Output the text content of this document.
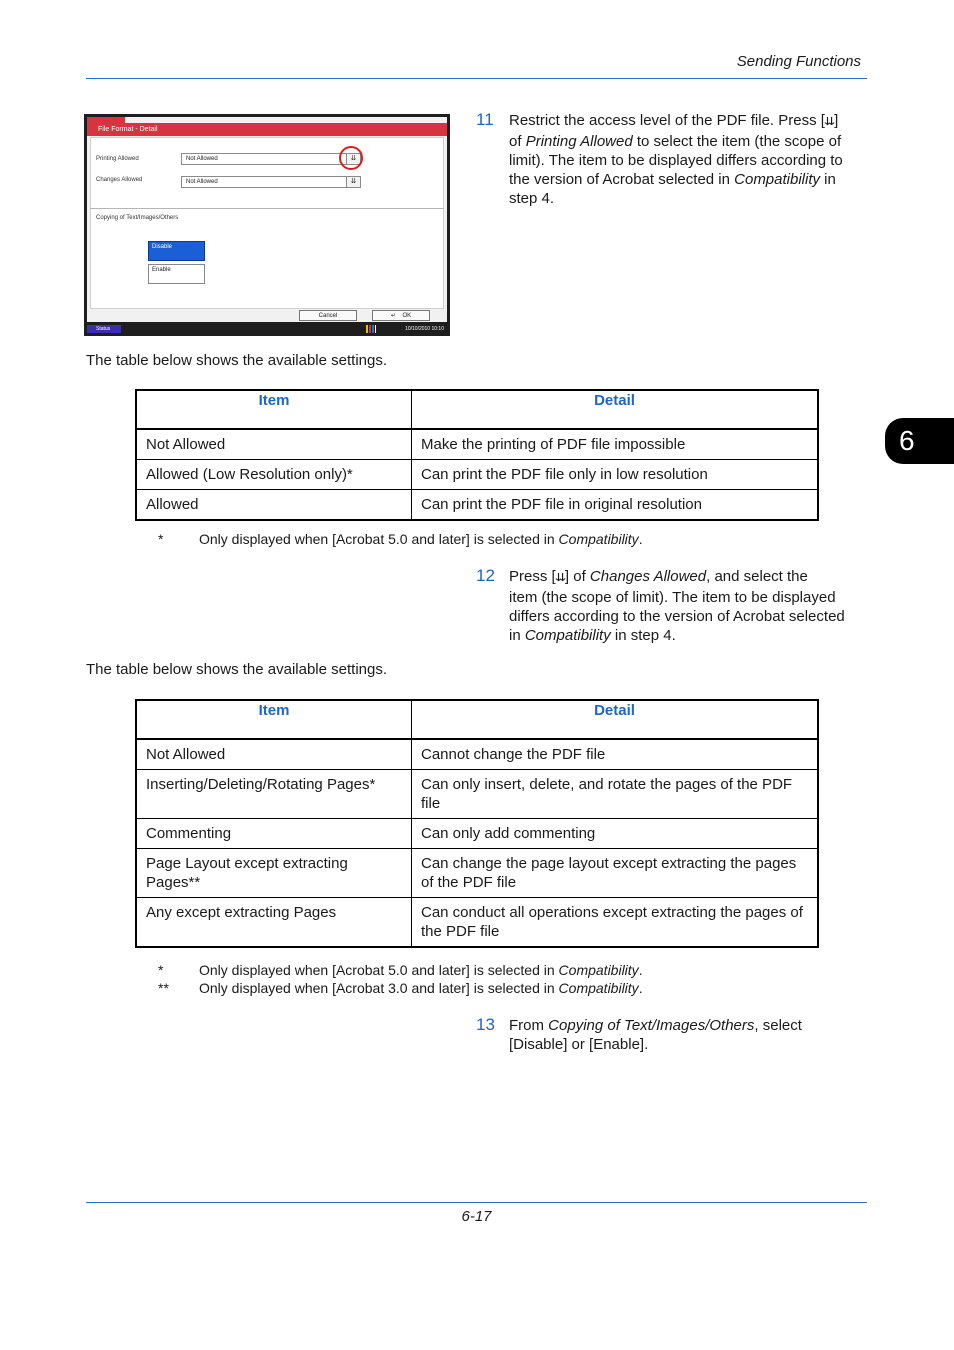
Sending Functions
6
File Format - Detail
Printing Allowed	Not Allowed	⇊
Changes Allowed	Not Allowed	⇊
Copying of Text/Images/Others
Disable
Enable
Cancel	↵    OK
Status	10/10/2010 10:10
11 Restrict the access level of the PDF file. Press [⇊]
of Printing Allowed to select the item (the scope of
limit). The item to be displayed differs according to
the version of Acrobat selected in Compatibility in
step 4.
The table below shows the available settings.
Item	Detail
Not Allowed	Make the printing of PDF file impossible
Allowed (Low Resolution only)*	Can print the PDF file only in low resolution
Allowed	Can print the PDF file in original resolution
*	Only displayed when [Acrobat 5.0 and later] is selected in Compatibility.
12 Press [⇊] of Changes Allowed, and select the
item (the scope of limit). The item to be displayed
differs according to the version of Acrobat selected
in Compatibility in step 4.
The table below shows the available settings.
Item	Detail
Not Allowed	Cannot change the PDF file
Inserting/Deleting/Rotating Pages*	Can only insert, delete, and rotate the pages of the PDF file
Commenting	Can only add commenting
Page Layout except extracting Pages**	Can change the page layout except extracting the pages of the PDF file
Any except extracting Pages	Can conduct all operations except extracting the pages of the PDF file
*	Only displayed when [Acrobat 5.0 and later] is selected in Compatibility.
** Only displayed when [Acrobat 3.0 and later] is selected in Compatibility.
13 From Copying of Text/Images/Others, select
[Disable] or [Enable].
6-17
